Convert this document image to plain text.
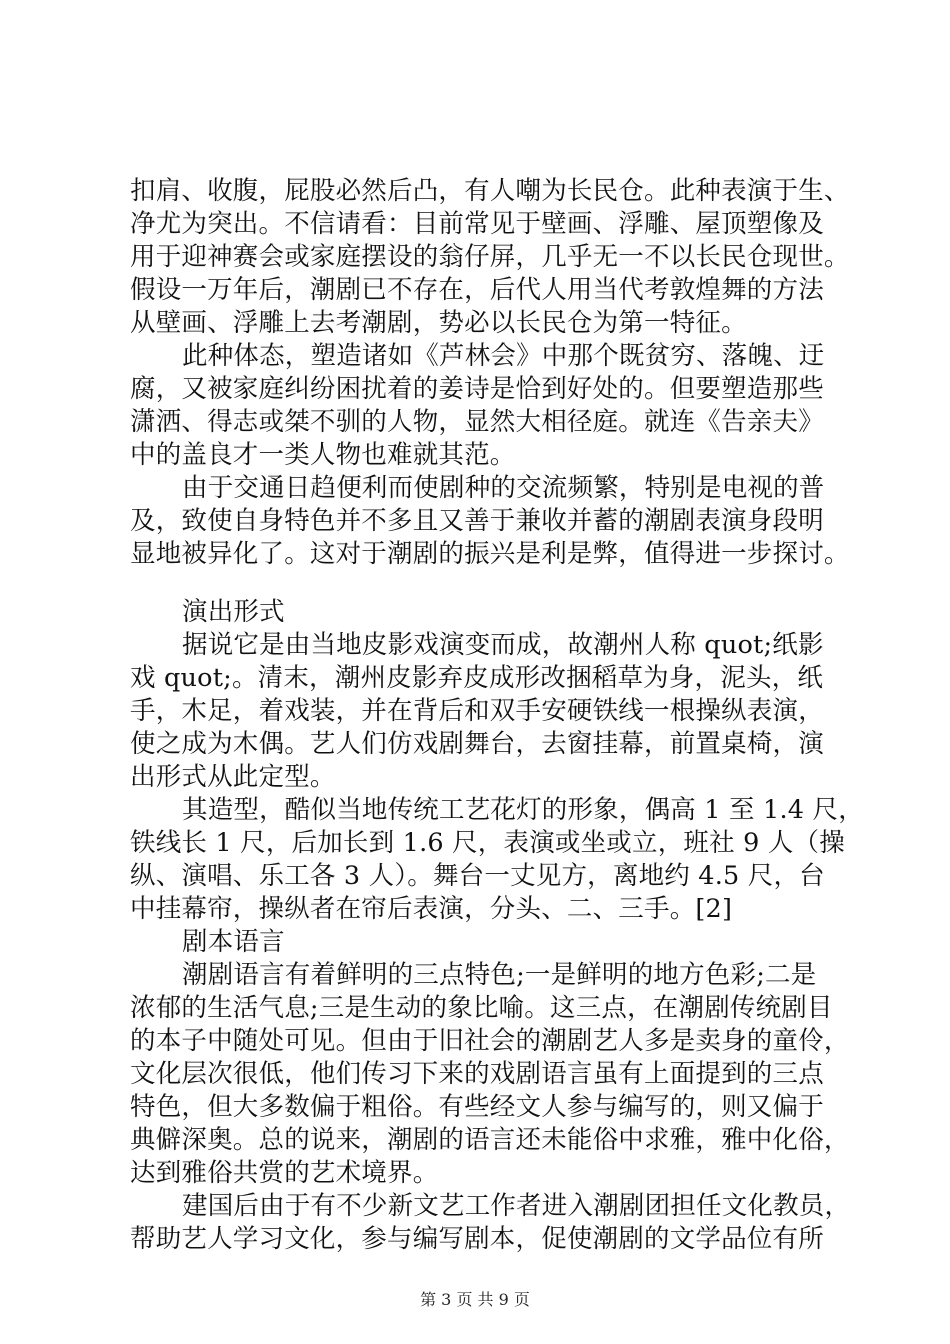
扣肩、收腹，屁股必然后凸，有人嘲为长民仓。此种表演于生、
净尤为突出。不信请看：目前常见于壁画、浮雕、屋顶塑像及
用于迎神赛会或家庭摆设的翁仔屏，几乎无一不以长民仓现世。
假设一万年后，潮剧已不存在，后代人用当代考敦煌舞的方法
从壁画、浮雕上去考潮剧，势必以长民仓为第一特征。
此种体态，塑造诸如《芦林会》中那个既贫穷、落魄、迂
腐，又被家庭纠纷困扰着的姜诗是恰到好处的。但要塑造那些
潇洒、得志或桀不驯的人物，显然大相径庭。就连《告亲夫》
中的盖良才一类人物也难就其范。
由于交通日趋便利而使剧种的交流频繁，特别是电视的普
及，致使自身特色并不多且又善于兼收并蓄的潮剧表演身段明
显地被异化了。这对于潮剧的振兴是利是弊，值得进一步探讨。
演出形式
据说它是由当地皮影戏演变而成，故潮州人称 quot;纸影
戏 quot;。清末，潮州皮影弃皮成形改捆稻草为身，泥头，纸
手，木足，着戏装，并在背后和双手安硬铁线一根操纵表演，
使之成为木偶。艺人们仿戏剧舞台，去窗挂幕，前置桌椅，演
出形式从此定型。
其造型，酷似当地传统工艺花灯的形象，偶高 1 至 1.4 尺，
铁线长 1 尺，后加长到 1.6 尺，表演或坐或立，班社 9 人（操
纵、演唱、乐工各 3 人）。舞台一丈见方，离地约 4.5 尺，台
中挂幕帘，操纵者在帘后表演，分头、二、三手。[2]
剧本语言
潮剧语言有着鲜明的三点特色;一是鲜明的地方色彩;二是
浓郁的生活气息;三是生动的象比喻。这三点，在潮剧传统剧目
的本子中随处可见。但由于旧社会的潮剧艺人多是卖身的童伶，
文化层次很低，他们传习下来的戏剧语言虽有上面提到的三点
特色，但大多数偏于粗俗。有些经文人参与编写的，则又偏于
典僻深奥。总的说来，潮剧的语言还未能俗中求雅，雅中化俗，
达到雅俗共赏的艺术境界。
建国后由于有不少新文艺工作者进入潮剧团担任文化教员，
帮助艺人学习文化，参与编写剧本，促使潮剧的文学品位有所
第 3 页 共 9 页
